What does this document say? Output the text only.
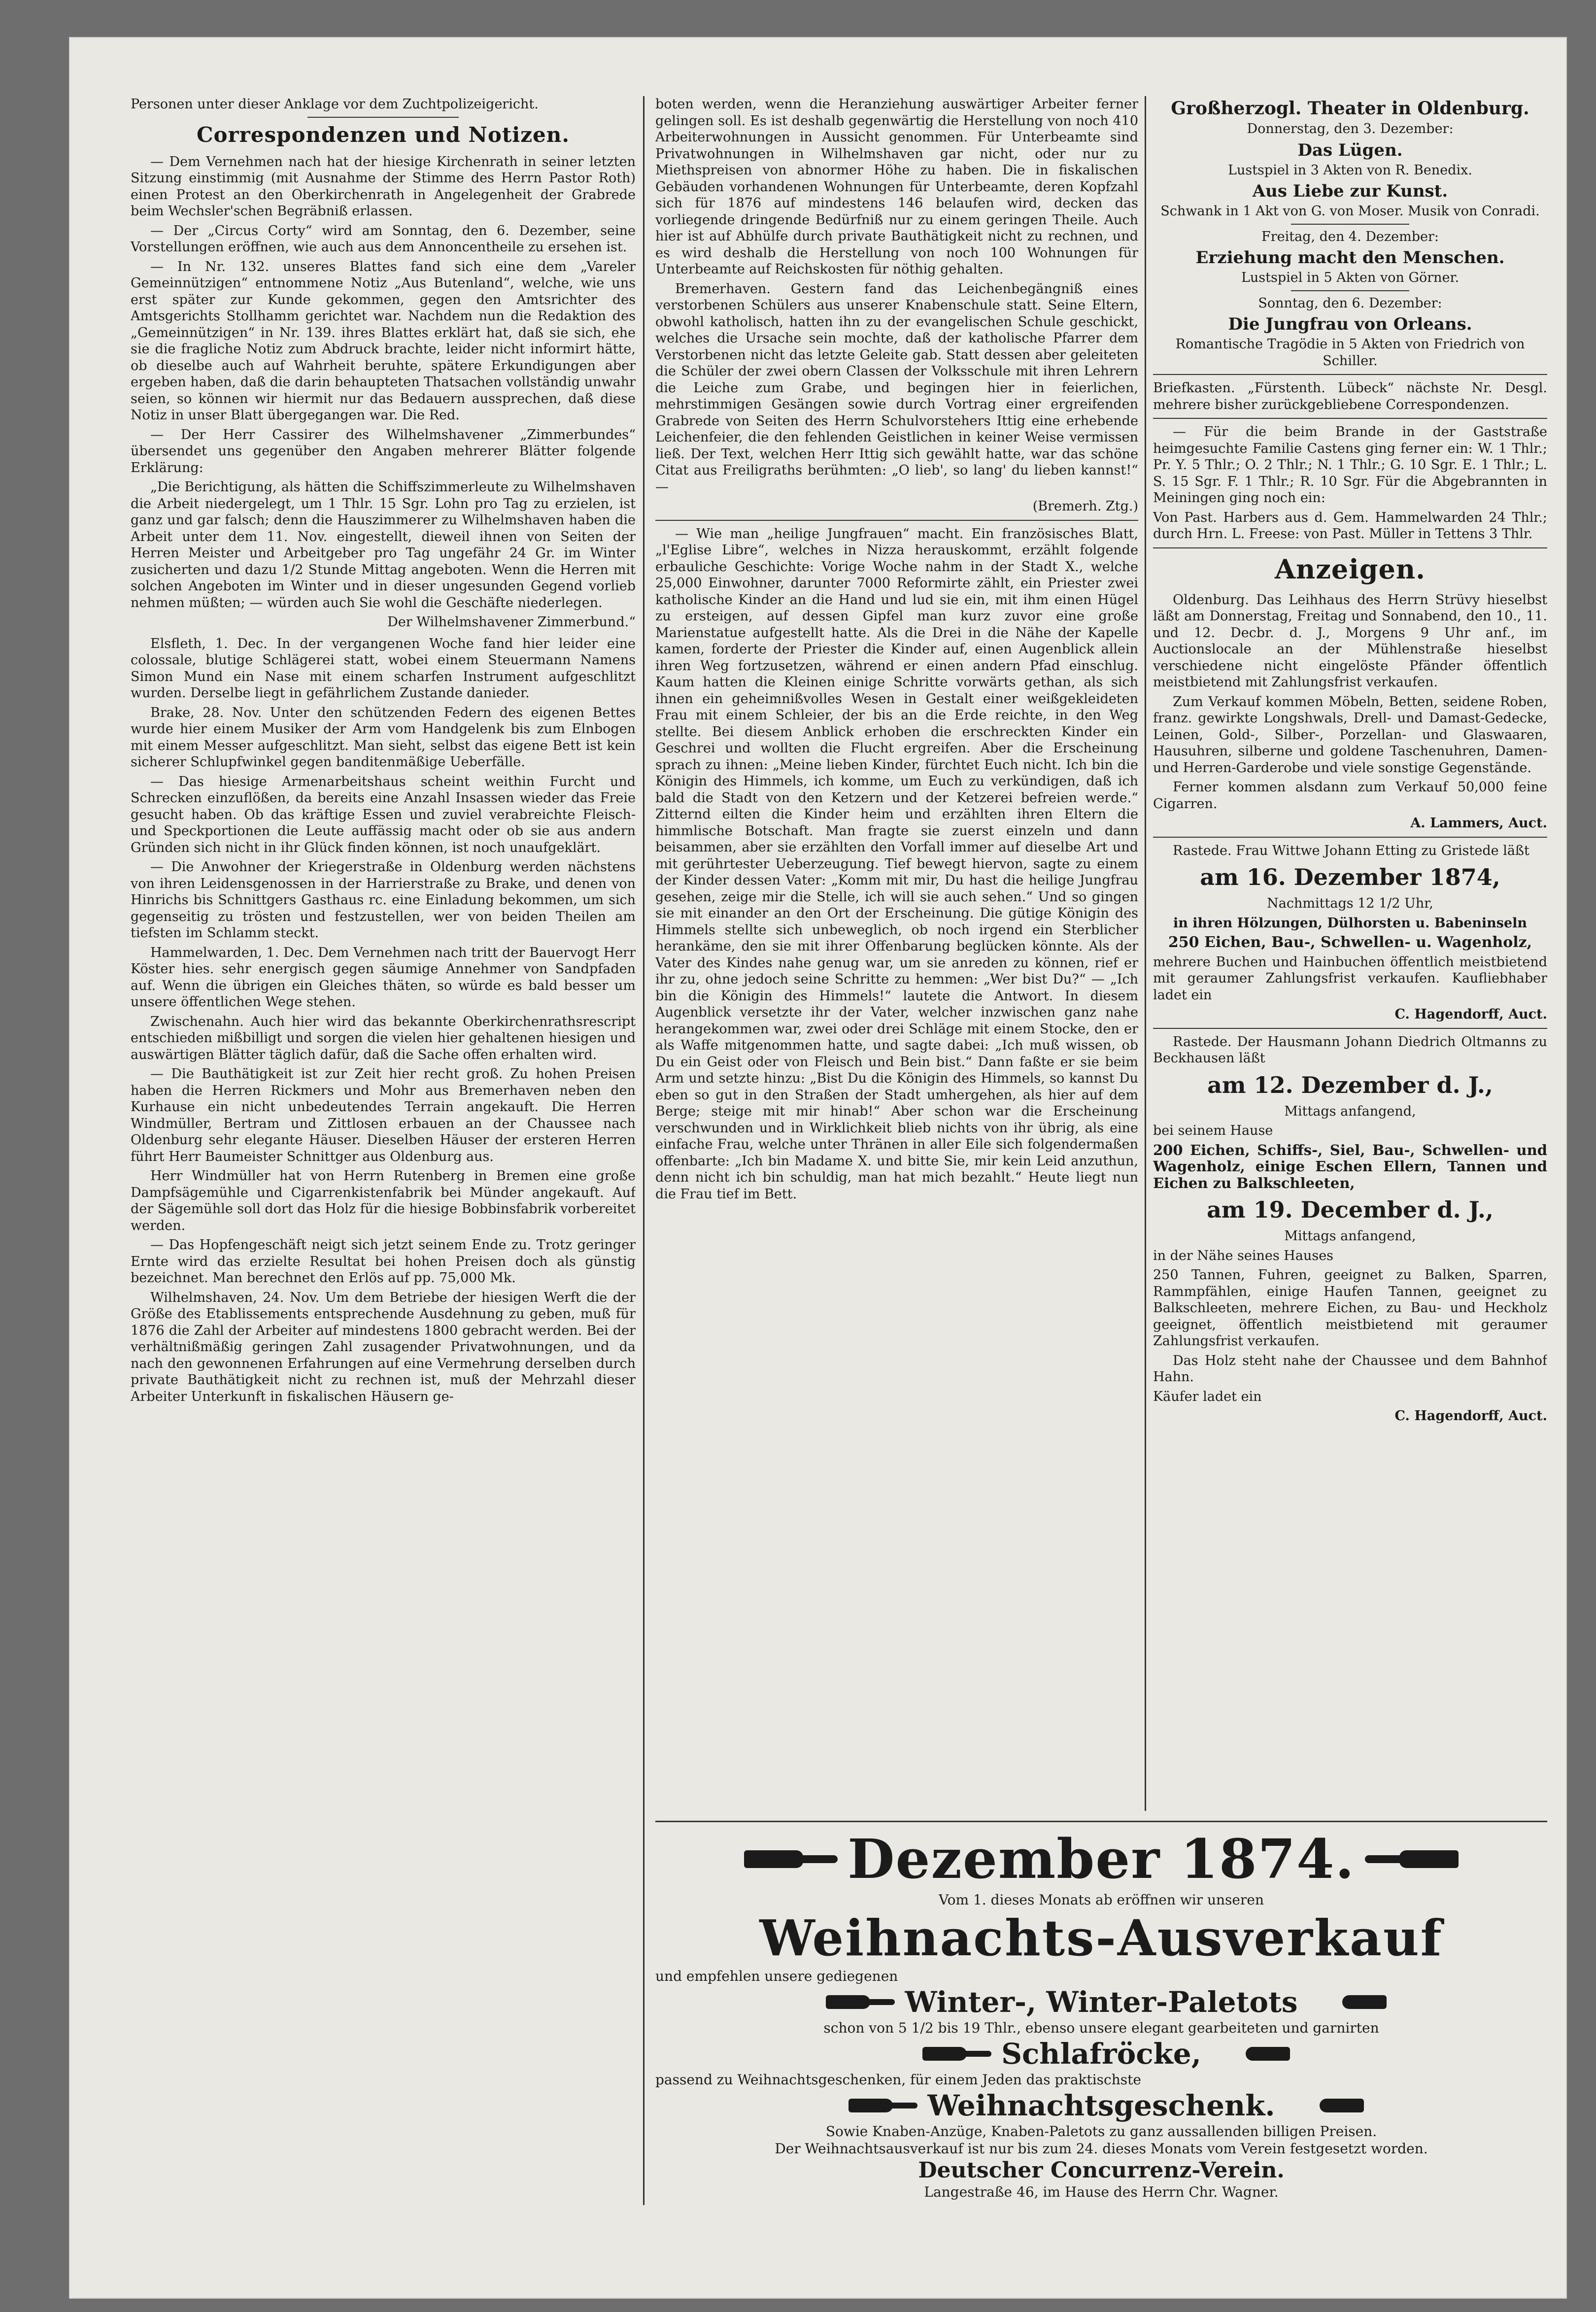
Personen unter dieser Anklage vor dem Zuchtpolizeigericht.

Correspondenzen und Notizen.

— Dem Vernehmen nach hat der hiesige Kirchenrath in seiner letzten Sitzung einstimmig (mit Ausnahme der Stimme des Herrn Pastor Roth) einen Protest an den Oberkirchenrath in Angelegenheit der Grabrede beim Wechsler'schen Begräbniß erlassen.

— Der „Circus Corty“ wird am Sonntag, den 6. Dezember, seine Vorstellungen eröffnen, wie auch aus dem Annoncentheile zu ersehen ist.

— In Nr. 132. unseres Blattes fand sich eine dem „Vareler Gemeinnützigen“ entnommene Notiz „Aus Butenland“, welche, wie uns erst später zur Kunde gekommen, gegen den Amtsrichter des Amtsgerichts Stollhamm gerichtet war. Nachdem nun die Redaktion des „Gemeinnützigen“ in Nr. 139. ihres Blattes erklärt hat, daß sie sich, ehe sie die fragliche Notiz zum Abdruck brachte, leider nicht informirt hätte, ob dieselbe auch auf Wahrheit beruhte, spätere Erkundigungen aber ergeben haben, daß die darin behaupteten Thatsachen vollständig unwahr seien, so können wir hiermit nur das Bedauern aussprechen, daß diese Notiz in unser Blatt übergegangen war. Die Red.

— Der Herr Cassirer des Wilhelmshavener „Zimmerbundes“ übersendet uns gegenüber den Angaben mehrerer Blätter folgende Erklärung:

„Die Berichtigung, als hätten die Schiffszimmerleute zu Wilhelmshaven die Arbeit niedergelegt, um 1 Thlr. 15 Sgr. Lohn pro Tag zu erzielen, ist ganz und gar falsch; denn die Hauszimmerer zu Wilhelmshaven haben die Arbeit unter dem 11. Nov. eingestellt, dieweil ihnen von Seiten der Herren Meister und Arbeitgeber pro Tag ungefähr 24 Gr. im Winter zusicherten und dazu 1/2 Stunde Mittag angeboten. Wenn die Herren mit solchen Angeboten im Winter und in dieser ungesunden Gegend vorlieb nehmen müßten; — würden auch Sie wohl die Geschäfte niederlegen.

Der Wilhelmshavener Zimmerbund.“

Elsfleth, 1. Dec. In der vergangenen Woche fand hier leider eine colossale, blutige Schlägerei statt, wobei einem Steuermann Namens Simon Mund ein Nase mit einem scharfen Instrument aufgeschlitzt wurden. Derselbe liegt in gefährlichem Zustande danieder.

Brake, 28. Nov. Unter den schützenden Federn des eigenen Bettes wurde hier einem Musiker der Arm vom Handgelenk bis zum Elnbogen mit einem Messer aufgeschlitzt. Man sieht, selbst das eigene Bett ist kein sicherer Schlupfwinkel gegen banditenmäßige Ueberfälle.

— Das hiesige Armenarbeitshaus scheint weithin Furcht und Schrecken einzuflößen, da bereits eine Anzahl Insassen wieder das Freie gesucht haben. Ob das kräftige Essen und zuviel verabreichte Fleisch- und Speckportionen die Leute auffässig macht oder ob sie aus andern Gründen sich nicht in ihr Glück finden können, ist noch unaufgeklärt.

— Die Anwohner der Kriegerstraße in Oldenburg werden nächstens von ihren Leidensgenossen in der Harrierstraße zu Brake, und denen von Hinrichs bis Schnittgers Gasthaus rc. eine Einladung bekommen, um sich gegenseitig zu trösten und festzustellen, wer von beiden Theilen am tiefsten im Schlamm steckt.

Hammelwarden, 1. Dec. Dem Vernehmen nach tritt der Bauervogt Herr Köster hies. sehr energisch gegen säumige Annehmer von Sandpfaden auf. Wenn die übrigen ein Gleiches thäten, so würde es bald besser um unsere öffentlichen Wege stehen.

Zwischenahn. Auch hier wird das bekannte Oberkirchenrathsrescript entschieden mißbilligt und sorgen die vielen hier gehaltenen hiesigen und auswärtigen Blätter täglich dafür, daß die Sache offen erhalten wird.

— Die Bauthätigkeit ist zur Zeit hier recht groß. Zu hohen Preisen haben die Herren Rickmers und Mohr aus Bremerhaven neben den Kurhause ein nicht unbedeutendes Terrain angekauft. Die Herren Windmüller, Bertram und Zittlosen erbauen an der Chaussee nach Oldenburg sehr elegante Häuser. Dieselben Häuser der ersteren Herren führt Herr Baumeister Schnittger aus Oldenburg aus.

Herr Windmüller hat von Herrn Rutenberg in Bremen eine große Dampfsägemühle und Cigarrenkistenfabrik bei Münder angekauft. Auf der Sägemühle soll dort das Holz für die hiesige Bobbinsfabrik vorbereitet werden.

— Das Hopfengeschäft neigt sich jetzt seinem Ende zu. Trotz geringer Ernte wird das erzielte Resultat bei hohen Preisen doch als günstig bezeichnet. Man berechnet den Erlös auf pp. 75,000 Mk.

Wilhelmshaven, 24. Nov. Um dem Betriebe der hiesigen Werft die der Größe des Etablissements entsprechende Ausdehnung zu geben, muß für 1876 die Zahl der Arbeiter auf mindestens 1800 gebracht werden. Bei der verhältnißmäßig geringen Zahl zusagender Privatwohnungen, und da nach den gewonnenen Erfahrungen auf eine Vermehrung derselben durch private Bauthätigkeit nicht zu rechnen ist, muß der Mehrzahl dieser Arbeiter Unterkunft in fiskalischen Häusern ge-

boten werden, wenn die Heranziehung auswärtiger Arbeiter ferner gelingen soll. Es ist deshalb gegenwärtig die Herstellung von noch 410 Arbeiterwohnungen in Aussicht genommen. Für Unterbeamte sind Privatwohnungen in Wilhelmshaven gar nicht, oder nur zu Miethspreisen von abnormer Höhe zu haben. Die in fiskalischen Gebäuden vorhandenen Wohnungen für Unterbeamte, deren Kopfzahl sich für 1876 auf mindestens 146 belaufen wird, decken das vorliegende dringende Bedürfniß nur zu einem geringen Theile. Auch hier ist auf Abhülfe durch private Bauthätigkeit nicht zu rechnen, und es wird deshalb die Herstellung von noch 100 Wohnungen für Unterbeamte auf Reichskosten für nöthig gehalten.

Bremerhaven. Gestern fand das Leichenbegängniß eines verstorbenen Schülers aus unserer Knabenschule statt. Seine Eltern, obwohl katholisch, hatten ihn zu der evangelischen Schule geschickt, welches die Ursache sein mochte, daß der katholische Pfarrer dem Verstorbenen nicht das letzte Geleite gab. Statt dessen aber geleiteten die Schüler der zwei obern Classen der Volksschule mit ihren Lehrern die Leiche zum Grabe, und begingen hier in feierlichen, mehrstimmigen Gesängen sowie durch Vortrag einer ergreifenden Grabrede von Seiten des Herrn Schulvorstehers Ittig eine erhebende Leichenfeier, die den fehlenden Geistlichen in keiner Weise vermissen ließ. Der Text, welchen Herr Ittig sich gewählt hatte, war das schöne Citat aus Freiligraths berühmten: „O lieb', so lang' du lieben kannst!“ —

(Bremerh. Ztg.)

— Wie man „heilige Jungfrauen“ macht. Ein französisches Blatt, „l'Eglise Libre“, welches in Nizza herauskommt, erzählt folgende erbauliche Geschichte: Vorige Woche nahm in der Stadt X., welche 25,000 Einwohner, darunter 7000 Reformirte zählt, ein Priester zwei katholische Kinder an die Hand und lud sie ein, mit ihm einen Hügel zu ersteigen, auf dessen Gipfel man kurz zuvor eine große Marienstatue aufgestellt hatte. Als die Drei in die Nähe der Kapelle kamen, forderte der Priester die Kinder auf, einen Augenblick allein ihren Weg fortzusetzen, während er einen andern Pfad einschlug. Kaum hatten die Kleinen einige Schritte vorwärts gethan, als sich ihnen ein geheimnißvolles Wesen in Gestalt einer weißgekleideten Frau mit einem Schleier, der bis an die Erde reichte, in den Weg stellte. Bei diesem Anblick erhoben die erschreckten Kinder ein Geschrei und wollten die Flucht ergreifen. Aber die Erscheinung sprach zu ihnen: „Meine lieben Kinder, fürchtet Euch nicht. Ich bin die Königin des Himmels, ich komme, um Euch zu verkündigen, daß ich bald die Stadt von den Ketzern und der Ketzerei befreien werde.“ Zitternd eilten die Kinder heim und erzählten ihren Eltern die himmlische Botschaft. Man fragte sie zuerst einzeln und dann beisammen, aber sie erzählten den Vorfall immer auf dieselbe Art und mit gerührtester Ueberzeugung. Tief bewegt hiervon, sagte zu einem der Kinder dessen Vater: „Komm mit mir, Du hast die heilige Jungfrau gesehen, zeige mir die Stelle, ich will sie auch sehen.“ Und so gingen sie mit einander an den Ort der Erscheinung. Die gütige Königin des Himmels stellte sich unbeweglich, ob noch irgend ein Sterblicher herankäme, den sie mit ihrer Offenbarung beglücken könnte. Als der Vater des Kindes nahe genug war, um sie anreden zu können, rief er ihr zu, ohne jedoch seine Schritte zu hemmen: „Wer bist Du?“ — „Ich bin die Königin des Himmels!“ lautete die Antwort. In diesem Augenblick versetzte ihr der Vater, welcher inzwischen ganz nahe herangekommen war, zwei oder drei Schläge mit einem Stocke, den er als Waffe mitgenommen hatte, und sagte dabei: „Ich muß wissen, ob Du ein Geist oder von Fleisch und Bein bist.“ Dann faßte er sie beim Arm und setzte hinzu: „Bist Du die Königin des Himmels, so kannst Du eben so gut in den Straßen der Stadt umhergehen, als hier auf dem Berge; steige mit mir hinab!“ Aber schon war die Erscheinung verschwunden und in Wirklichkeit blieb nichts von ihr übrig, als eine einfache Frau, welche unter Thränen in aller Eile sich folgendermaßen offenbarte: „Ich bin Madame X. und bitte Sie, mir kein Leid anzuthun, denn nicht ich bin schuldig, man hat mich bezahlt.“ Heute liegt nun die Frau tief im Bett.

Großherzogl. Theater in Oldenburg.

Donnerstag, den 3. Dezember:

Das Lügen.

Lustspiel in 3 Akten von R. Benedix.

Aus Liebe zur Kunst.

Schwank in 1 Akt von G. von Moser. Musik von Conradi.

Freitag, den 4. Dezember:

Erziehung macht den Menschen.

Lustspiel in 5 Akten von Görner.

Sonntag, den 6. Dezember:

Die Jungfrau von Orleans.

Romantische Tragödie in 5 Akten von Friedrich von Schiller.

Briefkasten. „Fürstenth. Lübeck“ nächste Nr. Desgl. mehrere bisher zurückgebliebene Correspondenzen.

— Für die beim Brande in der Gaststraße heimgesuchte Familie Castens ging ferner ein: W. 1 Thlr.; Pr. Y. 5 Thlr.; O. 2 Thlr.; N. 1 Thlr.; G. 10 Sgr. E. 1 Thlr.; L. S. 15 Sgr. F. 1 Thlr.; R. 10 Sgr. Für die Abgebrannten in Meiningen ging noch ein:

Von Past. Harbers aus d. Gem. Hammelwarden 24 Thlr.; durch Hrn. L. Freese: von Past. Müller in Tettens 3 Thlr.

Anzeigen.

Oldenburg. Das Leihhaus des Herrn Strüvy hieselbst läßt am Donnerstag, Freitag und Sonnabend, den 10., 11. und 12. Decbr. d. J., Morgens 9 Uhr anf., im Auctionslocale an der Mühlenstraße hieselbst verschiedene nicht eingelöste Pfänder öffentlich meistbietend mit Zahlungsfrist verkaufen.

Zum Verkauf kommen Möbeln, Betten, seidene Roben, franz. gewirkte Longshwals, Drell- und Damast-Gedecke, Leinen, Gold-, Silber-, Porzellan- und Glaswaaren, Hausuhren, silberne und goldene Taschenuhren, Damen- und Herren-Garderobe und viele sonstige Gegenstände.

Ferner kommen alsdann zum Verkauf 50,000 feine Cigarren.

A. Lammers, Auct.

Rastede. Frau Wittwe Johann Etting zu Gristede läßt

am 16. Dezember 1874,

Nachmittags 12 1/2 Uhr,

in ihren Hölzungen, Dülhorsten u. Babeninseln

250 Eichen, Bau-, Schwellen- u. Wagenholz,

mehrere Buchen und Hainbuchen öffentlich meistbietend mit geraumer Zahlungsfrist verkaufen. Kaufliebhaber ladet ein

C. Hagendorff, Auct.

Rastede. Der Hausmann Johann Diedrich Oltmanns zu Beckhausen läßt

am 12. Dezember d. J.,

Mittags anfangend,

bei seinem Hause

200 Eichen, Schiffs-, Siel, Bau-, Schwellen- und Wagenholz, einige Eschen Ellern, Tannen und Eichen zu Balkschleeten,

am 19. December d. J.,

Mittags anfangend,

in der Nähe seines Hauses

250 Tannen, Fuhren, geeignet zu Balken, Sparren, Rammpfählen, einige Haufen Tannen, geeignet zu Balkschleeten, mehrere Eichen, zu Bau- und Heckholz geeignet, öffentlich meistbietend mit geraumer Zahlungsfrist verkaufen.

Das Holz steht nahe der Chaussee und dem Bahnhof Hahn.

Käufer ladet ein

C. Hagendorff, Auct.

Dezember 1874.
Vom 1. dieses Monats ab eröffnen wir unseren
Weihnachts-Ausverkauf
und empfehlen unsere gediegenen
Winter-, Winter-Paletots
schon von 5 1/2 bis 19 Thlr., ebenso unsere elegant gearbeiteten und garnirten
Schlafröcke,
passend zu Weihnachtsgeschenken, für einem Jeden das praktischste
Weihnachtsgeschenk.
Sowie Knaben-Anzüge, Knaben-Paletots zu ganz aussallenden billigen Preisen.
Der Weihnachtsausverkauf ist nur bis zum 24. dieses Monats vom Verein festgesetzt worden.
Deutscher Concurrenz-Verein.
Langestraße 46, im Hause des Herrn Chr. Wagner.
